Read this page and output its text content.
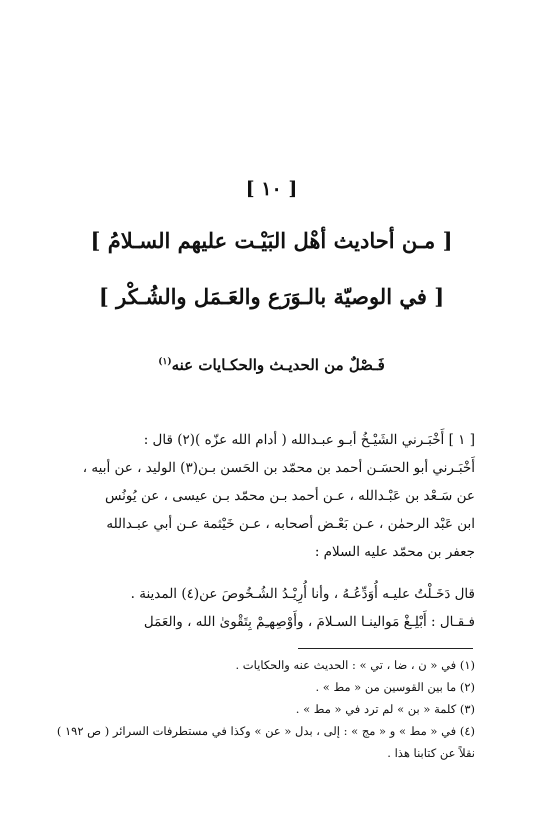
[ ١٠ ]
[ مـن أحاديث أهْل البَيْـت عليهم السـلامُ ]
[ في الوصيّة بالـوَرَع والعَـمَل والشُـكْر ]
فَـصْلٌ من الحديـث والحكـايات عنه$^{(١)}$
[ ١ ] أَخْبَـرني الشَيْـخُ أبـو عبـدالله ( أدام الله عزّه )(٢) قال :
أَخْبَـرني أبو الحسَـن أحمد بن محمّد بن الحَسن بـن(٣) الوليد ، عن أبيه ،
عن سَـعْد بن عَبْـدالله ، عـن أحمد بـن محمّد بـن عيسى ، عن يُونُس
ابن عَبْد الرحمٰن ، عـن بَعْـض أصحابه ، عـن خَيْثمة عـن أبي عبـدالله
جعفر بن محمّد عليه السلام :
قال دَخَـلْتُ عليـه أُوَدِّعُـهُ ، وأنا أُرِيْـدُ الشُـخُوصَ عن(٤) المدينة .
فـقـال : أَبْلِـغْ مَوالينـا السـلامَ ، وأَوْصِهـِمْ بِتَقْوىٰ الله ، والعَمَل
(١) في « ن ، ضا ، تي » : الحديث عنه والحكايات .
(٢) ما بين القوسين من « مط » .
(٣) كلمة « بن » لم ترد في « مط » .
(٤) في « مط » و « مج » : إلى ، بدل « عن » وكذا في مستطرفات السرائر ( ص ١٩٢ )
نقلاً عن كتابنا هذا .
